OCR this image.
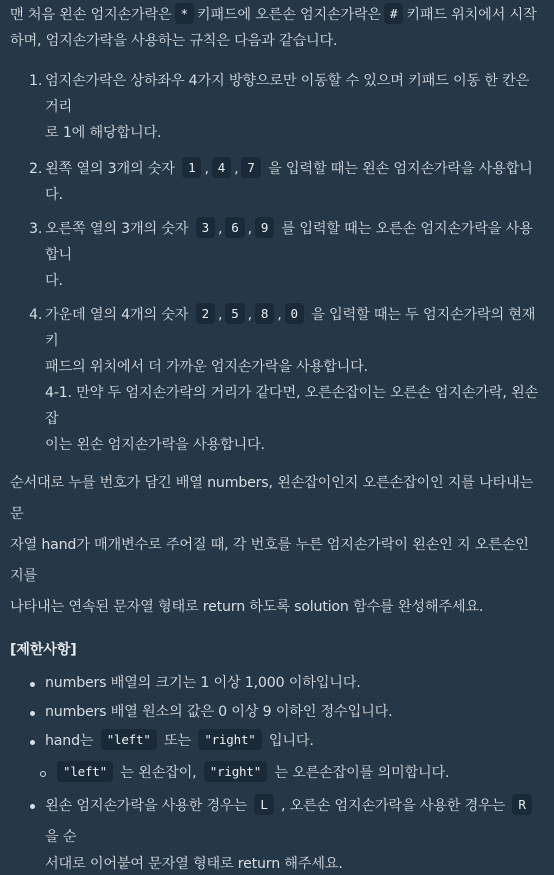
맨 처음 왼손 엄지손가락은 * 키패드에 오른손 엄지손가락은 # 키패드 위치에서 시작
하며, 엄지손가락을 사용하는 규칙은 다음과 같습니다.
1. 엄지손가락은 상하좌우 4가지 방향으로만 이동할 수 있으며 키패드 이동 한 칸은 거리
로 1에 해당합니다.
2. 왼쪽 열의 3개의 숫자 1 , 4 , 7 을 입력할 때는 왼손 엄지손가락을 사용합니다.
3. 오른쪽 열의 3개의 숫자 3 , 6 , 9 를 입력할 때는 오른손 엄지손가락을 사용합니
다.
4. 가운데 열의 4개의 숫자 2 , 5 , 8 , 0 을 입력할 때는 두 엄지손가락의 현재 키
패드의 위치에서 더 가까운 엄지손가락을 사용합니다.
4-1. 만약 두 엄지손가락의 거리가 같다면, 오른손잡이는 오른손 엄지손가락, 왼손잡
이는 왼손 엄지손가락을 사용합니다.
순서대로 누를 번호가 담긴 배열 numbers, 왼손잡이인지 오른손잡이인 지를 나타내는 문
자열 hand가 매개변수로 주어질 때, 각 번호를 누른 엄지손가락이 왼손인 지 오른손인 지를
나타내는 연속된 문자열 형태로 return 하도록 solution 함수를 완성해주세요.
[제한사항]
numbers 배열의 크기는 1 이상 1,000 이하입니다.
numbers 배열 원소의 값은 0 이상 9 이하인 정수입니다.
hand는 "left" 또는 "right" 입니다.
"left" 는 왼손잡이, "right" 는 오른손잡이를 의미합니다.
왼손 엄지손가락을 사용한 경우는 L , 오른손 엄지손가락을 사용한 경우는 R 을 순
서대로 이어붙여 문자열 형태로 return 해주세요.
